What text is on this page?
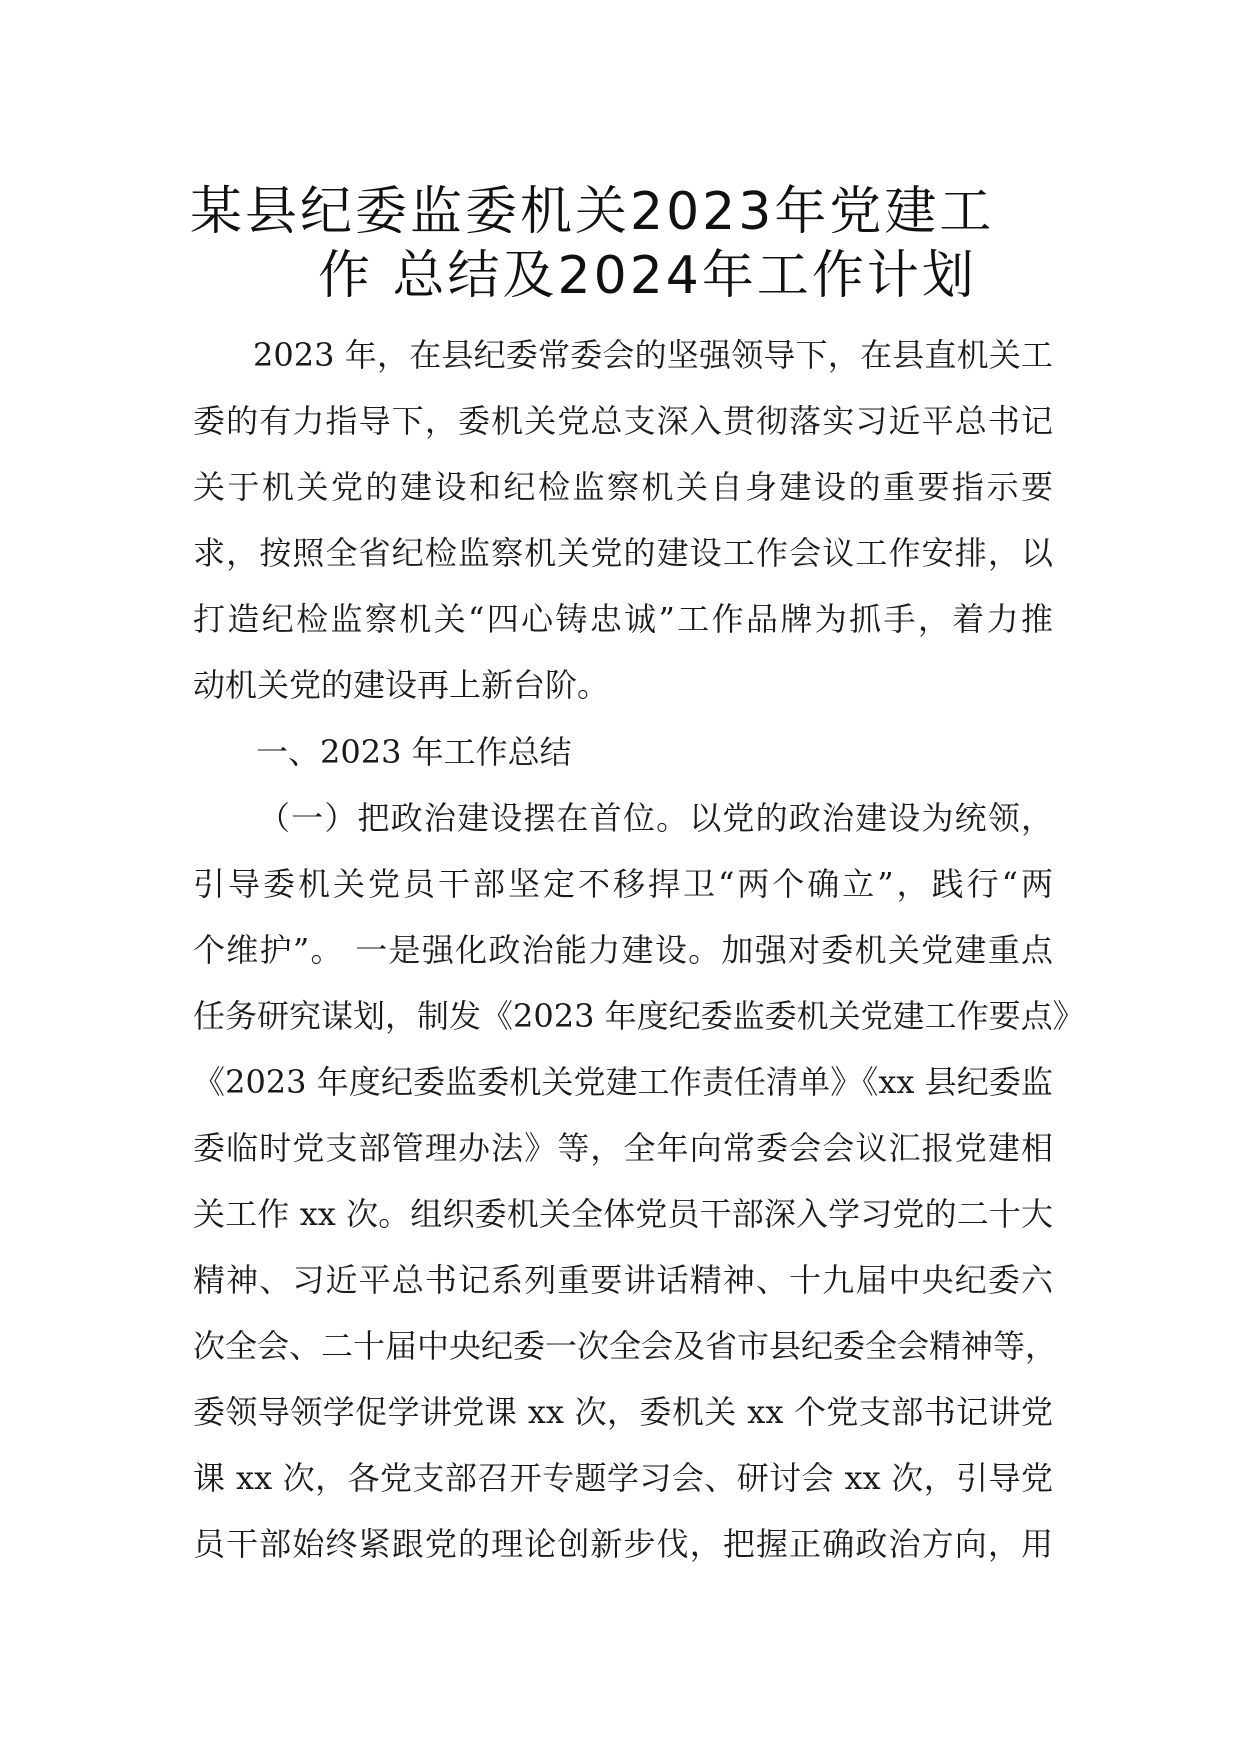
某县纪委监委机关2023年党建工
作 总结及2024年工作计划
2023 年，在县纪委常委会的坚强领导下，在县直机关工
委的有力指导下，委机关党总支深入贯彻落实习近平总书记
关于机关党的建设和纪检监察机关自身建设的重要指示要
求，按照全省纪检监察机关党的建设工作会议工作安排，以
打造纪检监察机关“四心铸忠诚”工作品牌为抓手，着力推
动机关党的建设再上新台阶。
一、2023 年工作总结
（一）把政治建设摆在首位。以党的政治建设为统领，
引导委机关党员干部坚定不移捍卫“两个确立”，践行“两
个维护”。 一是强化政治能力建设。加强对委机关党建重点
任务研究谋划，制发《2023 年度纪委监委机关党建工作要点》
《2023 年度纪委监委机关党建工作责任清单》《xx 县纪委监
委临时党支部管理办法》等，全年向常委会会议汇报党建相
关工作 xx 次。组织委机关全体党员干部深入学习党的二十大
精神、习近平总书记系列重要讲话精神、十九届中央纪委六
次全会、二十届中央纪委一次全会及省市县纪委全会精神等，
委领导领学促学讲党课 xx 次，委机关 xx 个党支部书记讲党
课 xx 次，各党支部召开专题学习会、研讨会 xx 次，引导党
员干部始终紧跟党的理论创新步伐，把握正确政治方向，用
